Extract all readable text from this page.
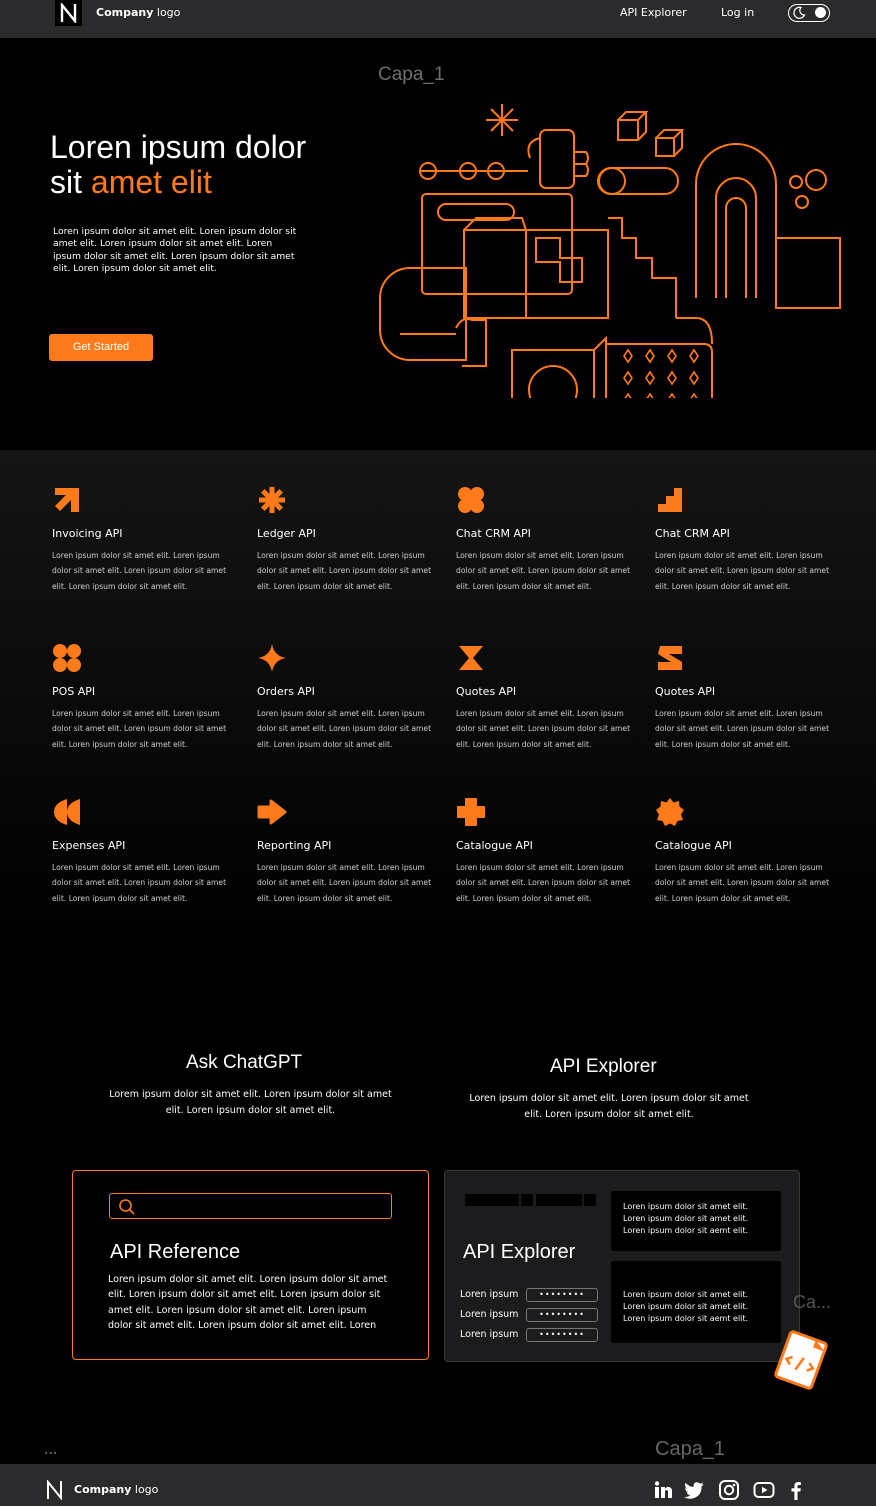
Company logo	API Explorer	Log in
Capa_1
Loren ipsum dolor
sit amet elit

Loren ipsum dolor sit amet elit. Loren ipsum dolor sit amet elit. Loren ipsum dolor sit amet elit. Loren ipsum dolor sit amet elit. Loren ipsum dolor sit amet elit. Loren ipsum dolor sit amet elit.

Get Started
Invoicing API

Loren ipsum dolor sit amet elit. Loren ipsum dolor sit amet elit. Loren ipsum dolor sit amet elit. Loren ipsum dolor sit amet elit.

Ledger API

Loren ipsum dolor sit amet elit. Loren ipsum dolor sit amet elit. Loren ipsum dolor sit amet elit. Loren ipsum dolor sit amet elit.

Chat CRM API

Loren ipsum dolor sit amet elit. Loren ipsum dolor sit amet elit. Loren ipsum dolor sit amet elit. Loren ipsum dolor sit amet elit.

Chat CRM API

Loren ipsum dolor sit amet elit. Loren ipsum dolor sit amet elit. Loren ipsum dolor sit amet elit. Loren ipsum dolor sit amet elit.

POS API

Loren ipsum dolor sit amet elit. Loren ipsum dolor sit amet elit. Loren ipsum dolor sit amet elit. Loren ipsum dolor sit amet elit.

Orders API

Loren ipsum dolor sit amet elit. Loren ipsum dolor sit amet elit. Loren ipsum dolor sit amet elit. Loren ipsum dolor sit amet elit.

Quotes API

Loren ipsum dolor sit amet elit. Loren ipsum dolor sit amet elit. Loren ipsum dolor sit amet elit. Loren ipsum dolor sit amet elit.

Quotes API

Loren ipsum dolor sit amet elit. Loren ipsum dolor sit amet elit. Loren ipsum dolor sit amet elit. Loren ipsum dolor sit amet elit.

Expenses API

Loren ipsum dolor sit amet elit. Loren ipsum dolor sit amet elit. Loren ipsum dolor sit amet elit. Loren ipsum dolor sit amet elit.

Reporting API

Loren ipsum dolor sit amet elit. Loren ipsum dolor sit amet elit. Loren ipsum dolor sit amet elit. Loren ipsum dolor sit amet elit.

Catalogue API

Loren ipsum dolor sit amet elit. Loren ipsum dolor sit amet elit. Loren ipsum dolor sit amet elit. Loren ipsum dolor sit amet elit.

Catalogue API

Loren ipsum dolor sit amet elit. Loren ipsum dolor sit amet elit. Loren ipsum dolor sit amet elit. Loren ipsum dolor sit amet elit.

Ask ChatGPT

Lorem ipsum dolor sit amet elit. Loren ipsum dolor sit amet elit. Loren ipsum dolor sit amet elit.

API Explorer

Loren ipsum dolor sit amet elit. Loren ipsum dolor sit amet elit. Loren ipsum dolor sit amet elit.

API Reference

Loren ipsum dolor sit amet elit. Loren ipsum dolor sit amet elit. Loren ipsum dolor sit amet elit. Loren ipsum dolor sit amet elit. Loren ipsum dolor sit amet elit. Loren ipsum dolor sit amet elit. Loren ipsum dolor sit amet elit. Loren

API Explorer
Loren ipsum	••••••••
Loren ipsum	••••••••
Loren ipsum	••••••••
Loren ipsum dolor sit amet elit.
Loren ipsum dolor sit amet elit.
Loren ipsum dolor sit aemt elit.
Loren ipsum dolor sit amet elit.
Loren ipsum dolor sit amet elit.
Loren ipsum dolor sit aemt elit.
Ca...
...	Capa_1
Company logo
